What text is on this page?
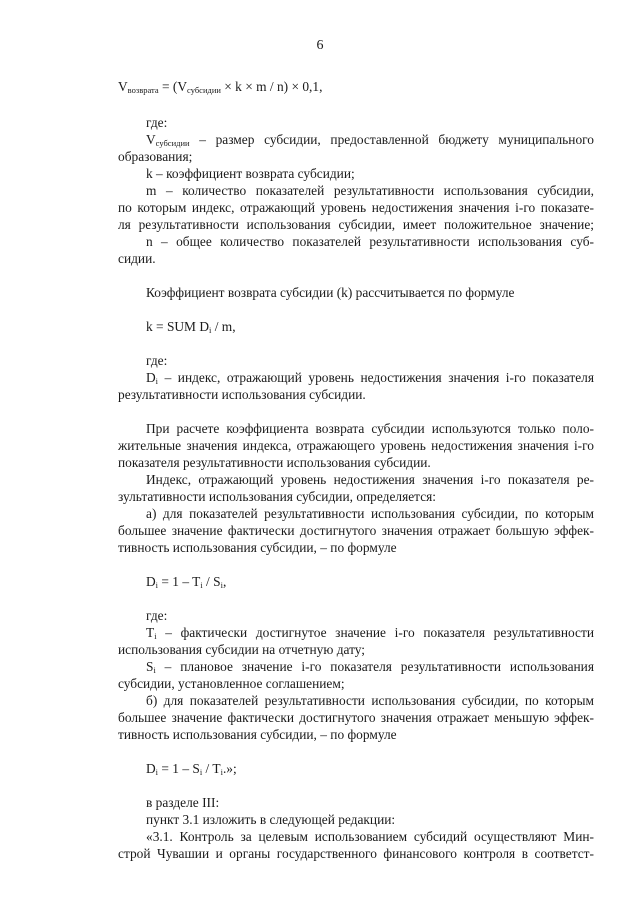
6
$V_{возврата} = (V_{субсидии} \times k \times m / n) \times 0,1$,
где:
$V_{субсидии}$ – размер субсидии, предоставленной бюджету муниципального
образования;
k – коэффициент возврата субсидии;
m – количество показателей результативности использования субсидии,
по которым индекс, отражающий уровень недостижения значения i-го показате-
ля результативности использования субсидии, имеет положительное значение;
n – общее количество показателей результативности использования суб-
сидии.
Коэффициент возврата субсидии (k) рассчитывается по формуле
k = SUM $D_i$ / m,
где:
$D_i$ – индекс, отражающий уровень недостижения значения i-го показателя
результативности использования субсидии.
При расчете коэффициента возврата субсидии используются только поло-
жительные значения индекса, отражающего уровень недостижения значения i-го
показателя результативности использования субсидии.
Индекс, отражающий уровень недостижения значения i-го показателя ре-
зультативности использования субсидии, определяется:
а) для показателей результативности использования субсидии, по которым
большее значение фактически достигнутого значения отражает большую эффек-
тивность использования субсидии, – по формуле
$D_i = 1 - T_i / S_i$,
где:
$T_i$ – фактически достигнутое значение i-го показателя результативности
использования субсидии на отчетную дату;
$S_i$ – плановое значение i-го показателя результативности использования
субсидии, установленное соглашением;
б) для показателей результативности использования субсидии, по которым
большее значение фактически достигнутого значения отражает меньшую эффек-
тивность использования субсидии, – по формуле
$D_i = 1 - S_i / T_i$.»;
в разделе III:
пункт 3.1 изложить в следующей редакции:
«3.1. Контроль за целевым использованием субсидий осуществляют Мин-
строй Чувашии и органы государственного финансового контроля в соответст-
